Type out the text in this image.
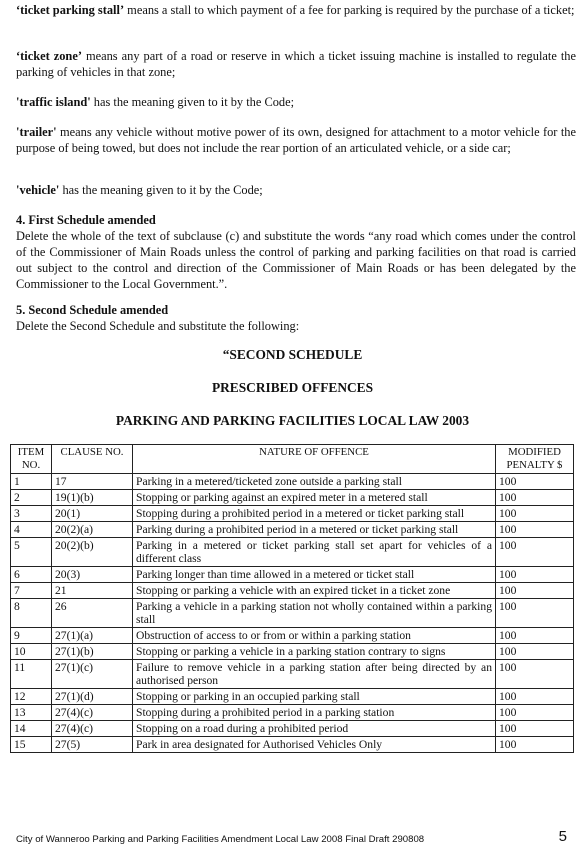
‘ticket parking stall’ means a stall to which payment of a fee for parking is required by the purchase of a ticket;

‘ticket zone’ means any part of a road or reserve in which a ticket issuing machine is installed to regulate the parking of vehicles in that zone;

'traffic island' has the meaning given to it by the Code;

'trailer' means any vehicle without motive power of its own, designed for attachment to a motor vehicle for the purpose of being towed, but does not include the rear portion of an articulated vehicle, or a side car;

'vehicle' has the meaning given to it by the Code;

4. First Schedule amended
Delete the whole of the text of subclause (c) and substitute the words “any road which comes under the control of the Commissioner of Main Roads unless the control of parking and parking facilities on that road is carried out subject to the control and direction of the Commissioner of Main Roads or has been delegated by the Commissioner to the Local Government.”.
5. Second Schedule amended
Delete the Second Schedule and substitute the following:
“SECOND SCHEDULE
PRESCRIBED OFFENCES
PARKING AND PARKING FACILITIES LOCAL LAW 2003
ITEM NO.	CLAUSE NO.	NATURE OF OFFENCE	MODIFIED PENALTY $
1	17	Parking in a metered/ticketed zone outside a parking stall	100
2	19(1)(b)	Stopping or parking against an expired meter in a metered stall	100
3	20(1)	Stopping during a prohibited period in a metered or ticket parking stall	100
4	20(2)(a)	Parking during a prohibited period in a metered or ticket parking stall	100
5	20(2)(b)	Parking in a metered or ticket parking stall set apart for vehicles of a different class	100
6	20(3)	Parking longer than time allowed in a metered or ticket stall	100
7	21	Stopping or parking a vehicle with an expired ticket in a ticket zone	100
8	26	Parking a vehicle in a parking station not wholly contained within a parking stall	100
9	27(1)(a)	Obstruction of access to or from or within a parking station	100
10	27(1)(b)	Stopping or parking a vehicle in a parking station contrary to signs	100
11	27(1)(c)	Failure to remove vehicle in a parking station after being directed by an authorised person	100
12	27(1)(d)	Stopping or parking in an occupied parking stall	100
13	27(4)(c)	Stopping during a prohibited period in a parking station	100
14	27(4)(c)	Stopping on a road during a prohibited period	100
15	27(5)	Park in area designated for Authorised Vehicles Only	100
City of Wanneroo Parking and Parking Facilities Amendment Local Law 2008 Final Draft 290808	5
